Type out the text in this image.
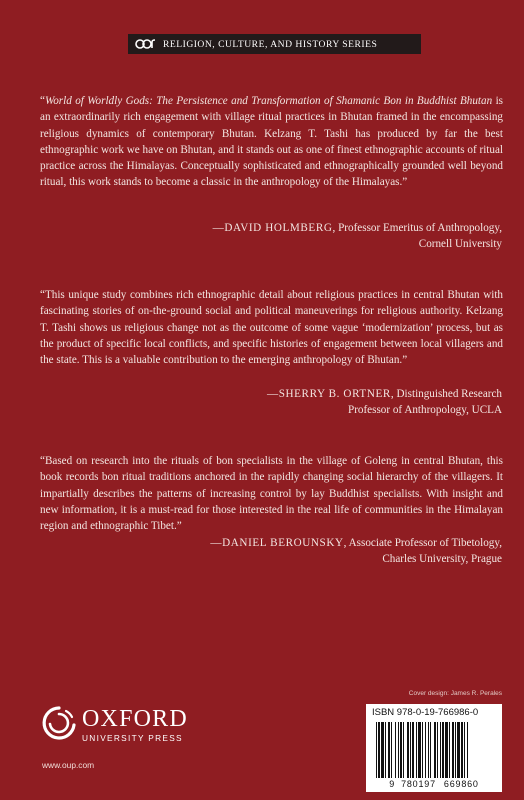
RELIGION, CULTURE, AND HISTORY SERIES

“World of Worldly Gods: The Persistence and Transformation of Shamanic Bon in Buddhist Bhutan is an extraordinarily rich engagement with village ritual practices in Bhutan framed in the encompassing religious dynamics of contemporary Bhutan. Kelzang T. Tashi has produced by far the best ethnographic work we have on Bhutan, and it stands out as one of finest ethnographic accounts of ritual practice across the Himalayas. Conceptually sophisticated and ethnographically grounded well beyond ritual, this work stands to become a classic in the anthropology of the Himalayas.”

—DAVID HOLMBERG, Professor Emeritus of Anthropology,
Cornell University

“This unique study combines rich ethnographic detail about religious practices in central Bhutan with fascinating stories of on-the-ground social and political maneuverings for religious authority. Kelzang T. Tashi shows us religious change not as the outcome of some vague ‘modernization’ process, but as the product of specific local conflicts, and specific histories of engagement between local villagers and the state. This is a valuable contribution to the emerging anthropology of Bhutan.”

—SHERRY B. ORTNER, Distinguished Research
Professor of Anthropology, UCLA

“Based on research into the rituals of bon specialists in the village of Goleng in central Bhutan, this book records bon ritual traditions anchored in the rapidly changing social hierarchy of the villagers. It impartially describes the patterns of increasing control by lay Buddhist specialists. With insight and new information, it is a must-read for those interested in the real life of communities in the Himalayan region and ethnographic Tibet.”

—DANIEL BEROUNSKY, Associate Professor of Tibetology,
Charles University, Prague
Cover design: James R. Perales
OXFORD
UNIVERSITY PRESS
www.oup.com
ISBN 978-0-19-766986-0
9 780197 669860
